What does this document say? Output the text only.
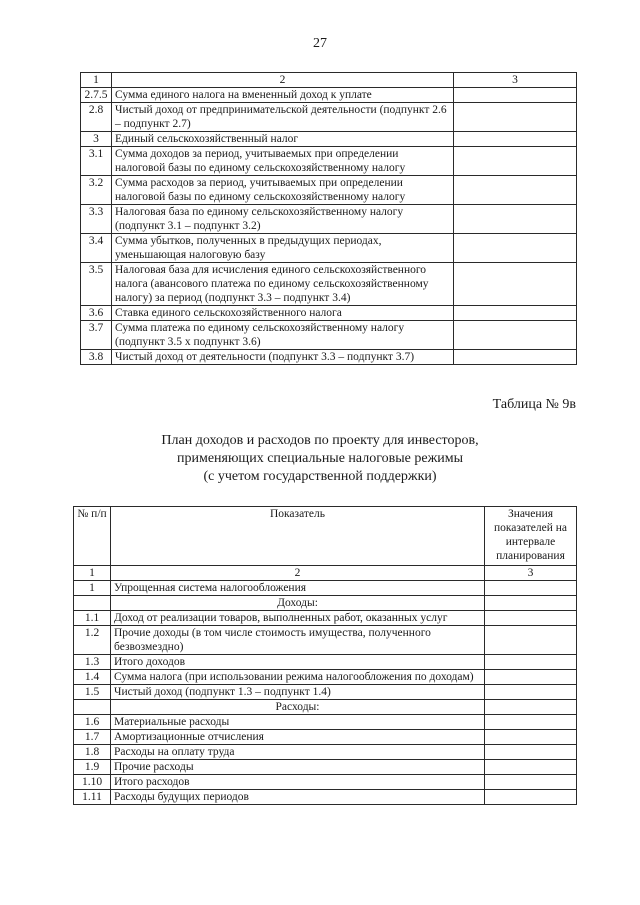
27
1	2	3
2.7.5	Сумма единого налога на вмененный доход к уплате	
2.8	Чистый доход от предпринимательской деятельности (подпункт 2.6 – подпункт 2.7)	
3	Единый сельскохозяйственный налог	
3.1	Сумма доходов за период, учитываемых при определении налоговой базы по единому сельскохозяйственному налогу	
3.2	Сумма расходов за период, учитываемых при определении налоговой базы по единому сельскохозяйственному налогу	
3.3	Налоговая база по единому сельскохозяйственному налогу (подпункт 3.1 – подпункт 3.2)	
3.4	Сумма убытков, полученных в предыдущих периодах, уменьшающая налоговую базу	
3.5	Налоговая база для исчисления единого сельскохозяйственного налога (авансового платежа по единому сельскохозяйственному налогу) за период (подпункт 3.3 – подпункт 3.4)	
3.6	Ставка единого сельскохозяйственного налога	
3.7	Сумма платежа по единому сельскохозяйственному налогу (подпункт 3.5 х подпункт 3.6)	
3.8	Чистый доход от деятельности (подпункт 3.3 – подпункт 3.7)	
Таблица № 9в
План доходов и расходов по проекту для инвесторов,
применяющих специальные налоговые режимы
(с учетом государственной поддержки)
№ п/п	Показатель	Значения показателей на интервале планирования
1	2	3
1	Упрощенная система налогообложения	
	Доходы:	
1.1	Доход от реализации товаров, выполненных работ, оказанных услуг	
1.2	Прочие доходы (в том числе стоимость имущества, полученного безвозмездно)	
1.3	Итого доходов	
1.4	Сумма налога (при использовании режима налогообложения по доходам)	
1.5	Чистый доход (подпункт 1.3 – подпункт 1.4)	
	Расходы:	
1.6	Материальные расходы	
1.7	Амортизационные отчисления	
1.8	Расходы на оплату труда	
1.9	Прочие расходы	
1.10	Итого расходов	
1.11	Расходы будущих периодов	
